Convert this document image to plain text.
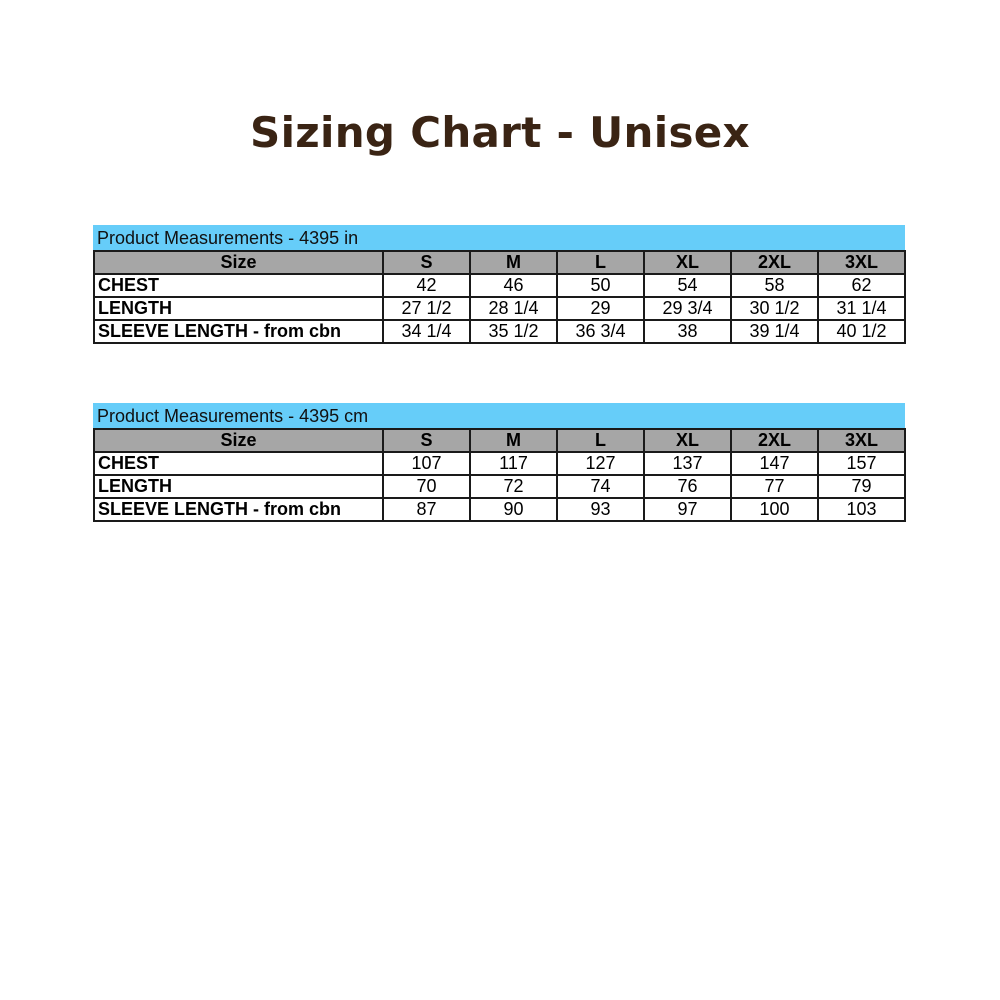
Sizing Chart - Unisex
Product Measurements - 4395 in
Size	S	M	L	XL	2XL	3XL
CHEST	42	46	50	54	58	62
LENGTH	27 1/2	28 1/4	29	29 3/4	30 1/2	31 1/4
SLEEVE LENGTH - from cbn	34 1/4	35 1/2	36 3/4	38	39 1/4	40 1/2
Product Measurements - 4395 cm
Size	S	M	L	XL	2XL	3XL
CHEST	107	117	127	137	147	157
LENGTH	70	72	74	76	77	79
SLEEVE LENGTH - from cbn	87	90	93	97	100	103
